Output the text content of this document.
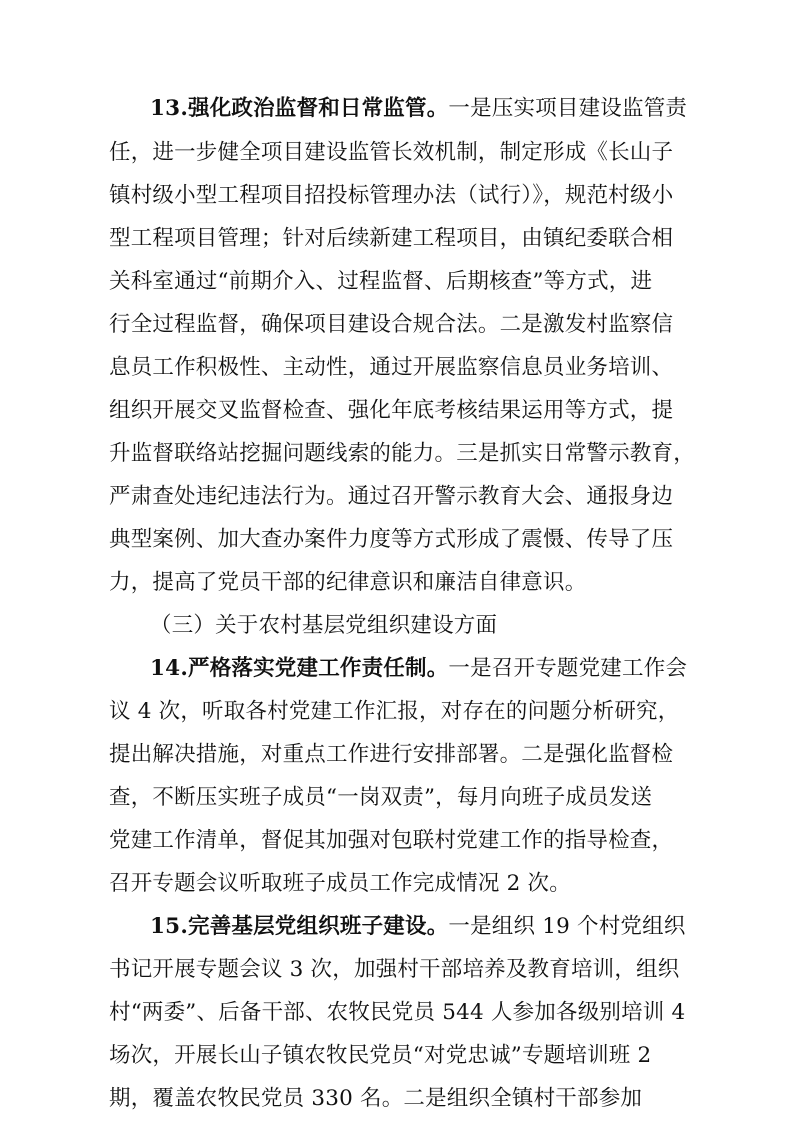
13.强化政治监督和日常监管。一是压实项目建设监管责
任，进一步健全项目建设监管长效机制，制定形成《长山子
镇村级小型工程项目招投标管理办法（试行）》，规范村级小
型工程项目管理；针对后续新建工程项目，由镇纪委联合相
关科室通过“前期介入、过程监督、后期核查”等方式，进
行全过程监督，确保项目建设合规合法。二是激发村监察信
息员工作积极性、主动性，通过开展监察信息员业务培训、
组织开展交叉监督检查、强化年底考核结果运用等方式，提
升监督联络站挖掘问题线索的能力。三是抓实日常警示教育，
严肃查处违纪违法行为。通过召开警示教育大会、通报身边
典型案例、加大查办案件力度等方式形成了震慑、传导了压
力，提高了党员干部的纪律意识和廉洁自律意识。
（三）关于农村基层党组织建设方面
14.严格落实党建工作责任制。一是召开专题党建工作会
议 4 次，听取各村党建工作汇报，对存在的问题分析研究，
提出解决措施，对重点工作进行安排部署。二是强化监督检
查，不断压实班子成员“一岗双责”，每月向班子成员发送
党建工作清单，督促其加强对包联村党建工作的指导检查，
召开专题会议听取班子成员工作完成情况 2 次。
15.完善基层党组织班子建设。一是组织 19 个村党组织
书记开展专题会议 3 次，加强村干部培养及教育培训，组织
村“两委”、后备干部、农牧民党员 544 人参加各级别培训 4
场次，开展长山子镇农牧民党员“对党忠诚”专题培训班 2
期，覆盖农牧民党员 330 名。二是组织全镇村干部参加
